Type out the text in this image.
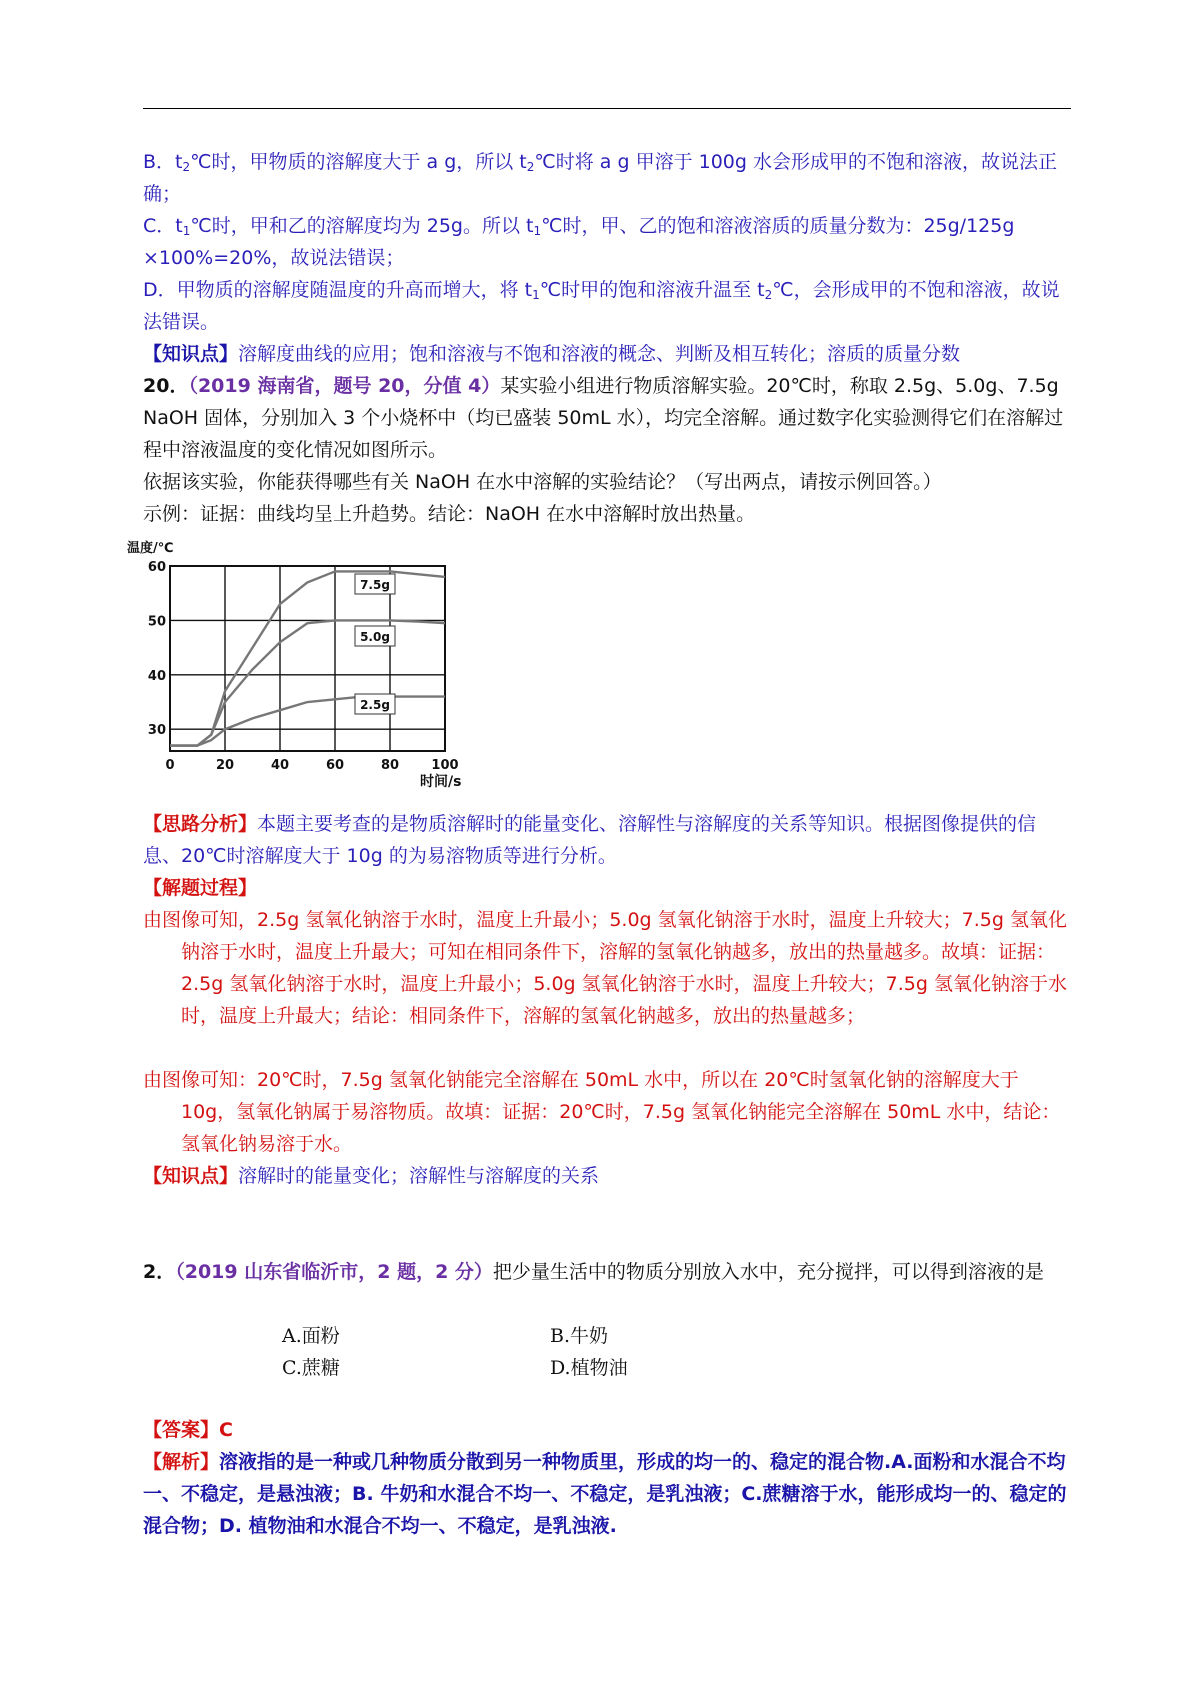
B．$t_2℃$时，甲物质的溶解度大于 a g，所以 $t_2℃$时将 a g 甲溶于 100g 水会形成甲的不饱和溶液，故说法正确；

C．$t_1℃$时，甲和乙的溶解度均为 25g。所以 $t_1℃$时，甲、乙的饱和溶液溶质的质量分数为：25g/125g ×100%=20%，故说法错误；

D．甲物质的溶解度随温度的升高而增大，将 $t_1℃$时甲的饱和溶液升温至 $t_2℃$，会形成甲的不饱和溶液，故说法错误。

【知识点】溶解度曲线的应用；饱和溶液与不饱和溶液的概念、判断及相互转化；溶质的质量分数

20．（2019 海南省，题号 20，分值 4）某实验小组进行物质溶解实验。20℃时，称取 2.5g、5.0g、7.5g NaOH 固体，分别加入 3 个小烧杯中（均已盛装 50mL 水），均完全溶解。通过数字化实验测得它们在溶解过程中溶液温度的变化情况如图所示。

依据该实验，你能获得哪些有关 NaOH 在水中溶解的实验结论？（写出两点，请按示例回答。）

示例：证据：曲线均呈上升趋势。结论：NaOH 在水中溶解时放出热量。

温度/℃
时间/s
0	20	40	60	80 100
30
40
50
60
7.5g
5.0g
2.5g

【思路分析】本题主要考查的是物质溶解时的能量变化、溶解性与溶解度的关系等知识。根据图像提供的信息、20℃时溶解度大于 10g 的为易溶物质等进行分析。

【解题过程】

由图像可知，2.5g 氢氧化钠溶于水时，温度上升最小；5.0g 氢氧化钠溶于水时，温度上升较大；7.5g 氢氧化钠溶于水时，温度上升最大；可知在相同条件下，溶解的氢氧化钠越多，放出的热量越多。故填：证据：2.5g 氢氧化钠溶于水时，温度上升最小；5.0g 氢氧化钠溶于水时，温度上升较大；7.5g 氢氧化钠溶于水时，温度上升最大；结论：相同条件下，溶解的氢氧化钠越多，放出的热量越多；

由图像可知：20℃时，7.5g 氢氧化钠能完全溶解在 50mL 水中，所以在 20℃时氢氧化钠的溶解度大于 10g，氢氧化钠属于易溶物质。故填：证据：20℃时，7.5g 氢氧化钠能完全溶解在 50mL 水中，结论：氢氧化钠易溶于水。

【知识点】溶解时的能量变化；溶解性与溶解度的关系

2．（2019 山东省临沂市，2 题，2 分）把少量生活中的物质分别放入水中，充分搅拌，可以得到溶液的是

A.面粉	B.牛奶
C.蔗糖	D.植物油

【答案】C

【解析】溶液指的是一种或几种物质分散到另一种物质里，形成的均一的、稳定的混合物.A.面粉和水混合不均一、不稳定，是悬浊液；B. 牛奶和水混合不均一、不稳定，是乳浊液；C.蔗糖溶于水，能形成均一的、稳定的混合物；D. 植物油和水混合不均一、不稳定，是乳浊液.
